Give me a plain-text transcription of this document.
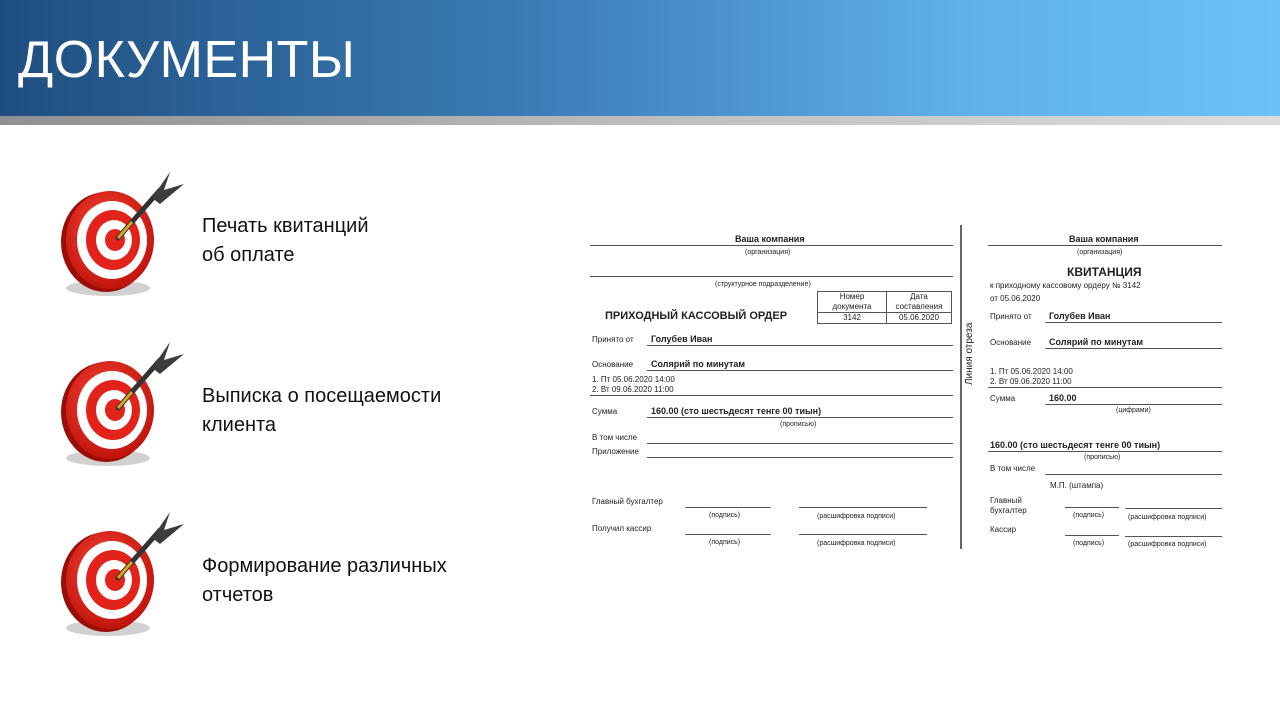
ДОКУМЕНТЫ
Печать квитанций
об оплате
Выписка о посещаемости
клиента
Формирование различных
отчетов
Ваша компания
(организация)
(структурное подразделение)
ПРИХОДНЫЙ КАССОВЫЙ ОРДЕР
Номер документа	Дата составления
3142	05.06.2020
Принято от Голубев Иван
Основание Солярий по минутам
1. Пт 05.06.2020 14:00
2. Вт 09.06.2020 11:00
Сумма	160.00 (сто шестьдесят тенге 00 тиын)
(прописью)
В том числе
Приложение
Главный бухгалтер
(подпись)	(расшифровка подписи)
Получил кассир
(подпись)	(расшифровка подписи)
Линия отреза
Ваша компания
(организация)
КВИТАНЦИЯ
к приходному кассовому ордеру № 3142
от 05.06.2020
Принято от Голубев Иван
Основание Солярий по минутам
1. Пт 05.06.2020 14:00
2. Вт 09.06.2020 11:00
Сумма	160.00
(цифрами)
160.00 (сто шестьдесят тенге 00 тиын)
(прописью)
В том числе
М.П. (штампа)
Главный
бухгалтер
(подпись)	(расшифровка подписи)
Кассир
(подпись)	(расшифровка подписи)
